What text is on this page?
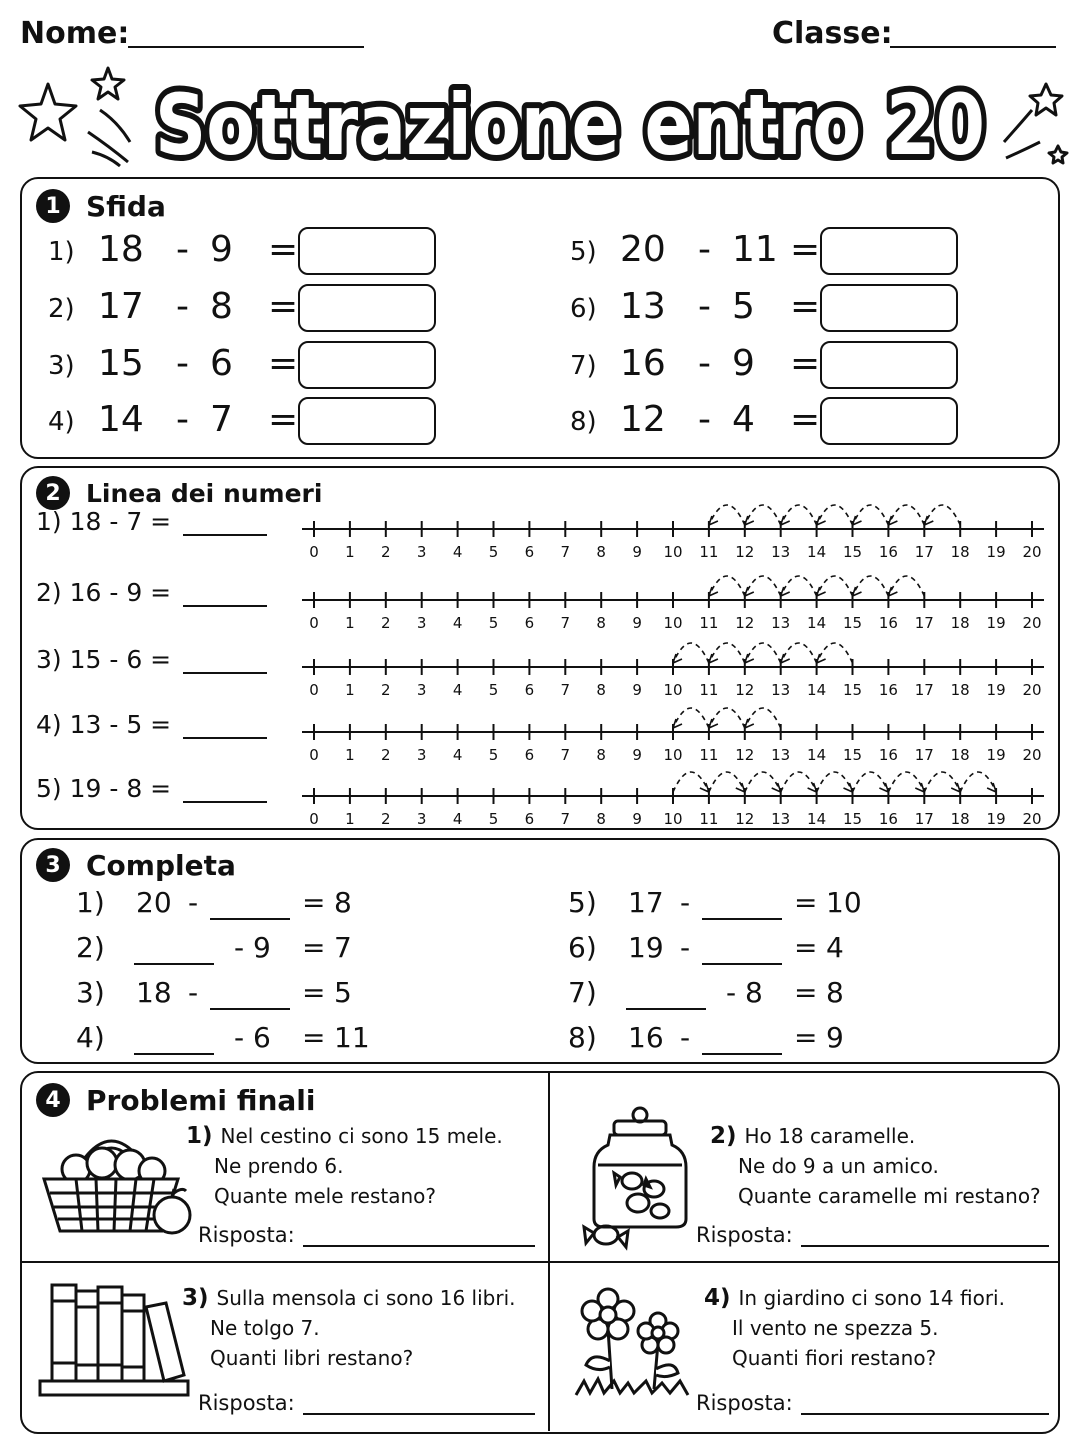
Nome:	Classe:
Sottrazione entro 20
1 Sfida
1) 18 - 9 =
2) 17 - 8 =
3) 15 - 6 =
4) 14 - 7 =
5) 20 - 11 =
6) 13 - 5 =
7) 16 - 9 =
8) 12 - 4 =
2	Linea dei numeri
1) 18 - 7 =
0 1 2 3 4 5 6 7 8 9 10 11 12 13 14 15 16 17 18 19 20
2) 16 - 9 =
0 1 2 3 4 5 6 7 8 9 10 11 12 13 14 15 16 17 18 19 20
3) 15 - 6 =
0 1 2 3 4 5 6 7 8 9 10 11 12 13 14 15 16 17 18 19 20
4) 13 - 5 =
0 1 2 3 4 5 6 7 8 9 10 11 12 13 14 15 16 17 18 19 20
5) 19 - 8 =
0 1 2 3 4 5 6 7 8 9 10 11 12 13 14 15 16 17 18 19 20
3 Completa
1) 20 -	= 8
2)	- 9 = 7
3) 18 -	= 5
4)	- 6 = 11
5) 17 -	= 10
6) 19 -	= 4
7)	- 8 = 8
8) 16 -	= 9
4 Problemi finali
1) Nel cestino ci sono 15 mele.
Ne prendo 6.
Quante mele restano?
Risposta:
2) Ho 18 caramelle.
Ne do 9 a un amico.
Quante caramelle mi restano?
Risposta:
3) Sulla mensola ci sono 16 libri.
Ne tolgo 7.
Quanti libri restano?
Risposta:
4) In giardino ci sono 14 fiori.
Il vento ne spezza 5.
Quanti fiori restano?
Risposta:
